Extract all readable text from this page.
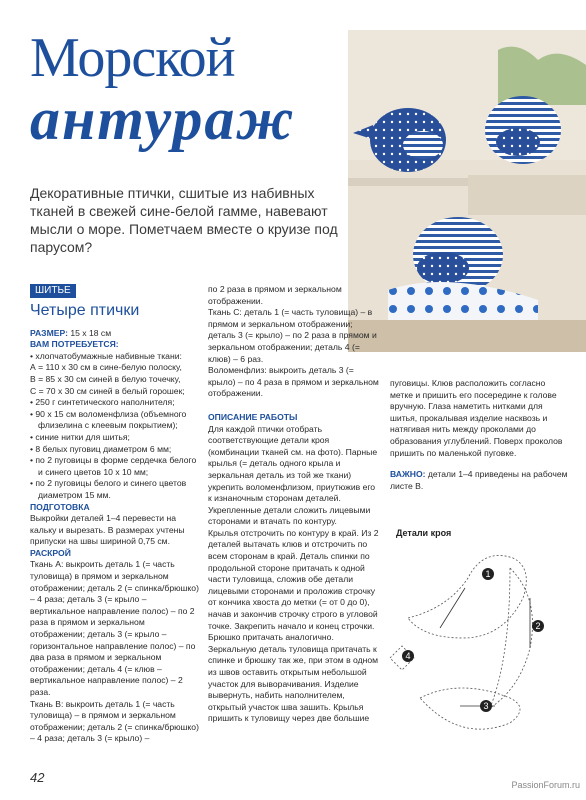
Морской
антураж
Декоративные птички, сшитые из набивных тканей в свежей сине-белой гамме, навевают мысли о море. Пометчаем вместе о круизе под парусом?
ШИТЬЕ
Четыре птички

РАЗМЕР: 15 х 18 см

ВАМ ПОТРЕБУЕТСЯ:

• хлопчатобумажные набивные ткани:

А = 110 х 30 см в сине-белую полоску,

В = 85 х 30 см синей в белую точечку,

С = 70 х 30 см синей в белый горошек;

• 250 г синтетического наполнителя;

• 90 х 15 см воломенфлиза (объемного флизелина с клеевым покрытием);

• синие нитки для шитья;

• 8 белых пуговиц диаметром 6 мм;

• по 2 пуговицы в форме сердечка белого и синего цветов 10 х 10 мм;

• по 2 пуговицы белого и синего цветов диаметром 15 мм.

ПОДГОТОВКА

Выкройки деталей 1–4 перевести на кальку и вырезать. В размерах учтены припуски на швы шириной 0,75 см.

РАСКРОЙ

Ткань А: выкроить деталь 1 (= часть туловища) в прямом и зеркальном отображении; деталь 2 (= спинка/брюшко) – 4 раза; деталь 3 (= крыло – вертикальное направление полос) – по 2 раза в прямом и зеркальном отображении; деталь 3 (= крыло – горизонтальное направление полос) – по два раза в прямом и зеркальном отображении; деталь 4 (= клюв – вертикальное направление полос) – 2 раза.

Ткань В: выкроить деталь 1 (= часть туловища) – в прямом и зеркальном отображении; деталь 2 (= спинка/брюшко) – 4 раза; деталь 3 (= крыло) –

по 2 раза в прямом и зеркальном отображении.

Ткань С: деталь 1 (= часть туловища) – в прямом и зеркальном отображении; деталь 3 (= крыло) – по 2 раза в прямом и зеркальном отображении; деталь 4 (= клюв) – 6 раз.

Воломенфлиз: выкроить деталь 3 (= крыло) – по 4 раза в прямом и зеркальном отображении.

ОПИСАНИЕ РАБОТЫ

Для каждой птички отобрать соответствующие детали кроя (комбинации тканей см. на фото). Парные крылья (= деталь одного крыла и зеркальная деталь из той же ткани) укрепить воломенфлизом, приутюжив его к изнаночным сторонам деталей. Укрепленные детали сложить лицевыми сторонами и втачать по контуру.

Крылья отстрочить по контуру в край. Из 2 деталей вытачать клюв и отстрочить по всем сторонам в край. Деталь спинки по продольной стороне притачать к одной части туловища, сложив обе детали лицевыми сторонами и проложив строчку от кончика хвоста до метки (= от 0 до 0), начав и закончив строчку строго в угловой точке. Закрепить начало и конец строчки. Брюшко притачать аналогично. Зеркальную деталь туловища притачать к спинке и брюшку так же, при этом в одном из швов оставить открытым небольшой участок для выворачивания. Изделие вывернуть, набить наполнителем, открытый участок шва зашить. Крылья пришить к туловищу через две большие

пуговицы. Клюв расположить согласно метке и пришить его посередине к голове вручную. Глаза наметить нитками для шитья, прокалывая изделие насквозь и натягивая нить между проколами до образования углублений. Поверх проколов пришить по маленькой пуговке.

ВАЖНО: детали 1–4 приведены на рабочем листе В.

Детали кроя
1
2
3
4
42	PassionForum.ru
